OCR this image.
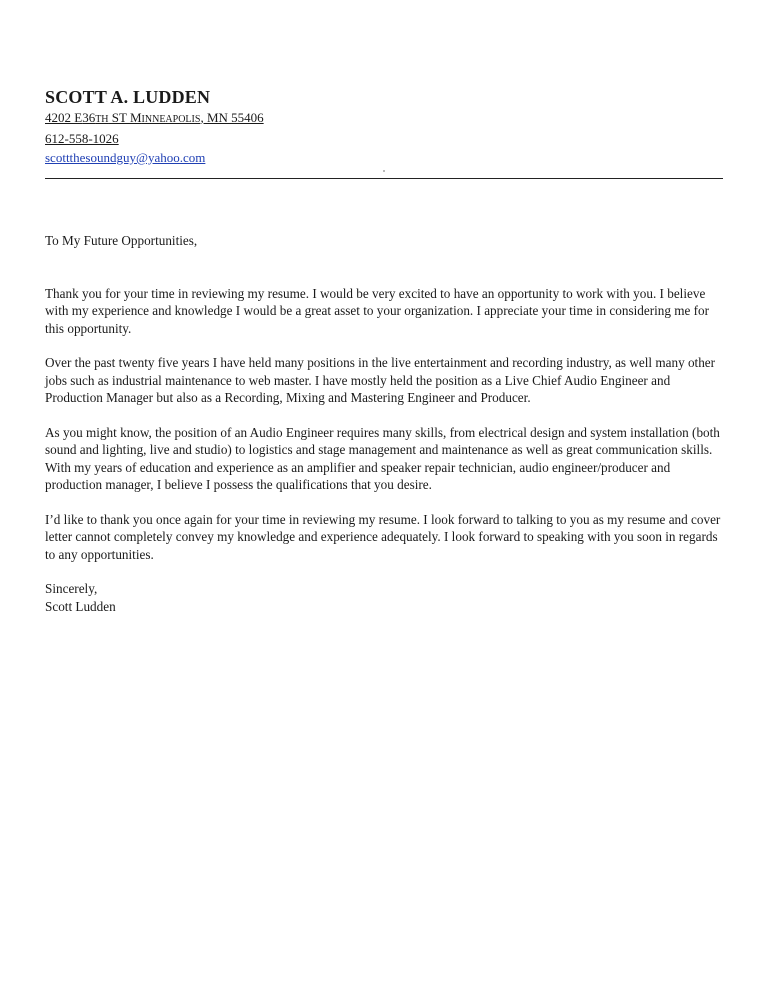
SCOTT A. LUDDEN
4202 E36TH ST MINNEAPOLIS, MN 55406
612-558-1026
scottthesoundguy@yahoo.com

To My Future Opportunities,

Thank you for your time in reviewing my resume. I would be very excited to have an opportunity to work with you. I believe with my experience and knowledge I would be a great asset to your organization. I appreciate your time in considering me for this opportunity.

Over the past twenty five years I have held many positions in the live entertainment and recording industry, as well many other jobs such as industrial maintenance to web master. I have mostly held the position as a Live Chief Audio Engineer and Production Manager but also as a Recording, Mixing and Mastering Engineer and Producer.

As you might know, the position of an Audio Engineer requires many skills, from electrical design and system installation (both sound and lighting, live and studio) to logistics and stage management and maintenance as well as great communication skills. With my years of education and experience as an amplifier and speaker repair technician, audio engineer/producer and production manager, I believe I possess the qualifications that you desire.

I’d like to thank you once again for your time in reviewing my resume. I look forward to talking to you as my resume and cover letter cannot completely convey my knowledge and experience adequately. I look forward to speaking with you soon in regards to any opportunities.

Sincerely,

Scott Ludden
